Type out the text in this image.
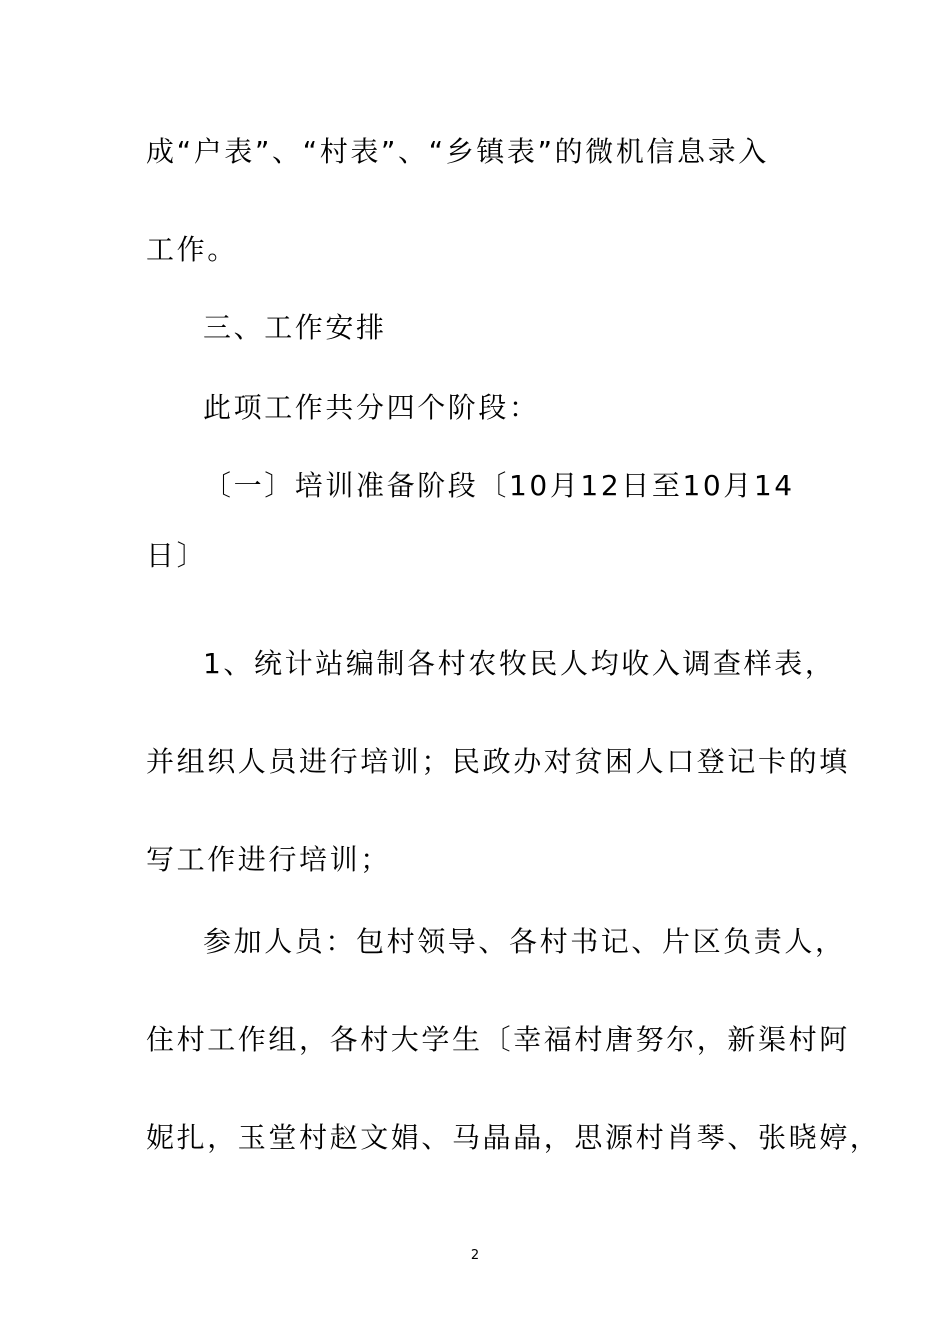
成“户表”、“村表”、“乡镇表”的微机信息录入
工作。
三、工作安排
此项工作共分四个阶段：
〔一〕培训准备阶段〔10月12日至10月14
日〕
1、统计站编制各村农牧民人均收入调查样表，
并组织人员进行培训；民政办对贫困人口登记卡的填
写工作进行培训；
参加人员：包村领导、各村书记、片区负责人，
住村工作组，各村大学生〔幸福村唐努尔，新渠村阿
妮扎，玉堂村赵文娟、马晶晶，思源村肖琴、张晓婷，
2
